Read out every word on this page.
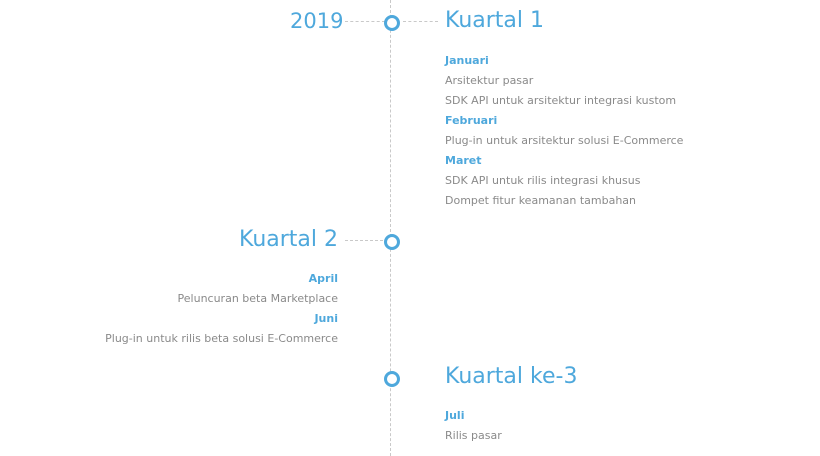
2019	Kuartal 1
Januari
Arsitektur pasar
SDK API untuk arsitektur integrasi kustom
Februari
Plug-in untuk arsitektur solusi E-Commerce
Maret
SDK API untuk rilis integrasi khusus
Dompet fitur keamanan tambahan
Kuartal 2
April
Peluncuran beta Marketplace
Juni
Plug-in untuk rilis beta solusi E-Commerce
Kuartal ke-3
Juli
Rilis pasar
